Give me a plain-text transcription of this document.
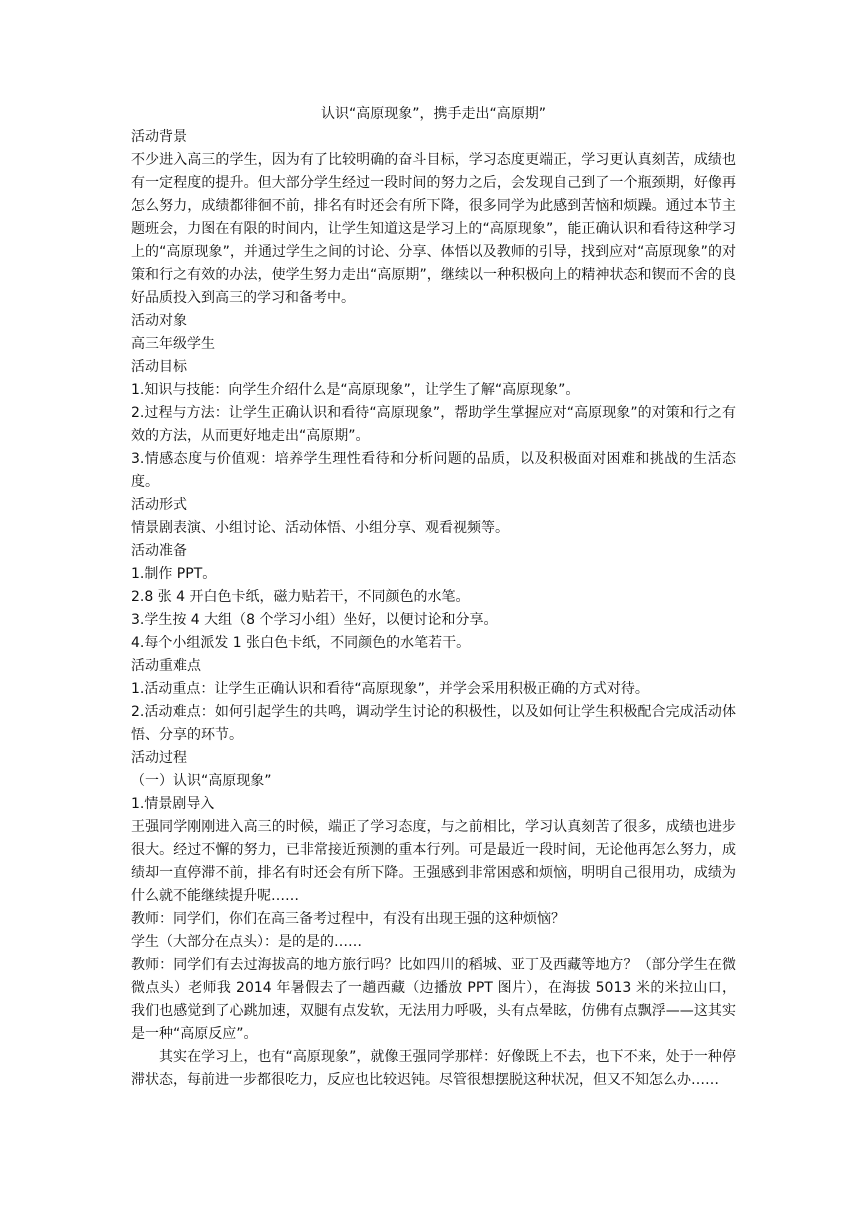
认识“高原现象”，携手走出“高原期”

活动背景

不少进入高三的学生，因为有了比较明确的奋斗目标，学习态度更端正，学习更认真刻苦，成绩也有一定程度的提升。但大部分学生经过一段时间的努力之后，会发现自己到了一个瓶颈期，好像再怎么努力，成绩都徘徊不前，排名有时还会有所下降，很多同学为此感到苦恼和烦躁。通过本节主题班会，力图在有限的时间内，让学生知道这是学习上的“高原现象”，能正确认识和看待这种学习上的“高原现象”，并通过学生之间的讨论、分享、体悟以及教师的引导，找到应对“高原现象”的对策和行之有效的办法，使学生努力走出“高原期”，继续以一种积极向上的精神状态和锲而不舍的良好品质投入到高三的学习和备考中。

活动对象

高三年级学生

活动目标

1.知识与技能：向学生介绍什么是“高原现象”，让学生了解“高原现象”。

2.过程与方法：让学生正确认识和看待“高原现象”，帮助学生掌握应对“高原现象”的对策和行之有效的方法，从而更好地走出“高原期”。

3.情感态度与价值观：培养学生理性看待和分析问题的品质，以及积极面对困难和挑战的生活态度。

活动形式

情景剧表演、小组讨论、活动体悟、小组分享、观看视频等。

活动准备

1.制作 PPT。

2.8 张 4 开白色卡纸，磁力贴若干，不同颜色的水笔。

3.学生按 4 大组（8 个学习小组）坐好，以便讨论和分享。

4.每个小组派发 1 张白色卡纸，不同颜色的水笔若干。

活动重难点

1.活动重点：让学生正确认识和看待“高原现象”，并学会采用积极正确的方式对待。

2.活动难点：如何引起学生的共鸣，调动学生讨论的积极性，以及如何让学生积极配合完成活动体悟、分享的环节。

活动过程

（一）认识“高原现象”

1.情景剧导入

王强同学刚刚进入高三的时候，端正了学习态度，与之前相比，学习认真刻苦了很多，成绩也进步很大。经过不懈的努力，已非常接近预测的重本行列。可是最近一段时间，无论他再怎么努力，成绩却一直停滞不前，排名有时还会有所下降。王强感到非常困惑和烦恼，明明自己很用功，成绩为什么就不能继续提升呢……

教师：同学们，你们在高三备考过程中，有没有出现王强的这种烦恼？

学生（大部分在点头）：是的是的……

教师：同学们有去过海拔高的地方旅行吗？比如四川的稻城、亚丁及西藏等地方？（部分学生在微微点头）老师我 2014 年暑假去了一趟西藏（边播放 PPT 图片），在海拔 5013 米的米拉山口，我们也感觉到了心跳加速，双腿有点发软，无法用力呼吸，头有点晕眩，仿佛有点飘浮——这其实是一种“高原反应”。

其实在学习上，也有“高原现象”，就像王强同学那样：好像既上不去，也下不来，处于一种停滞状态，每前进一步都很吃力，反应也比较迟钝。尽管很想摆脱这种状况，但又不知怎么办……
